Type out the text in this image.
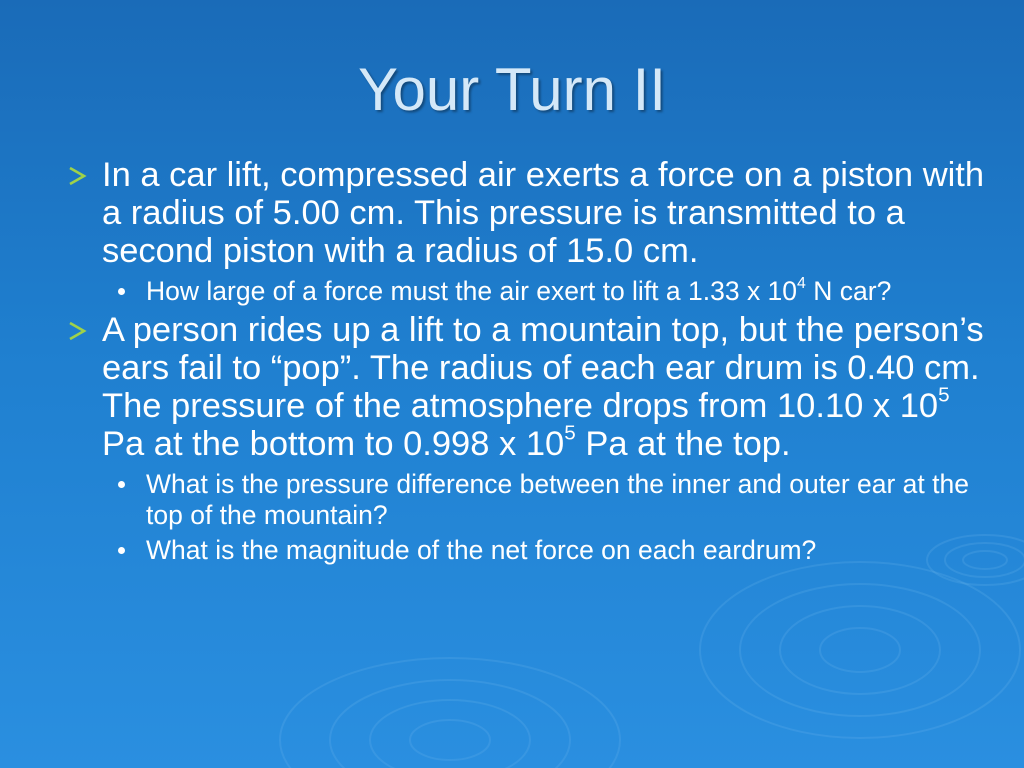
Your Turn II
In a car lift, compressed air exerts a force on a piston with a radius of 5.00 cm. This pressure is transmitted to a second piston with a radius of 15.0 cm.
How large of a force must the air exert to lift a 1.33 x $10^4$ N car?
A person rides up a lift to a mountain top, but the person’s ears fail to “pop”. The radius of each ear drum is 0.40 cm. The pressure of the atmosphere drops from 10.10 x $10^5$ Pa at the bottom to 0.998 x $10^5$ Pa at the top.
What is the pressure difference between the inner and outer ear at the top of the mountain?
What is the magnitude of the net force on each eardrum?
